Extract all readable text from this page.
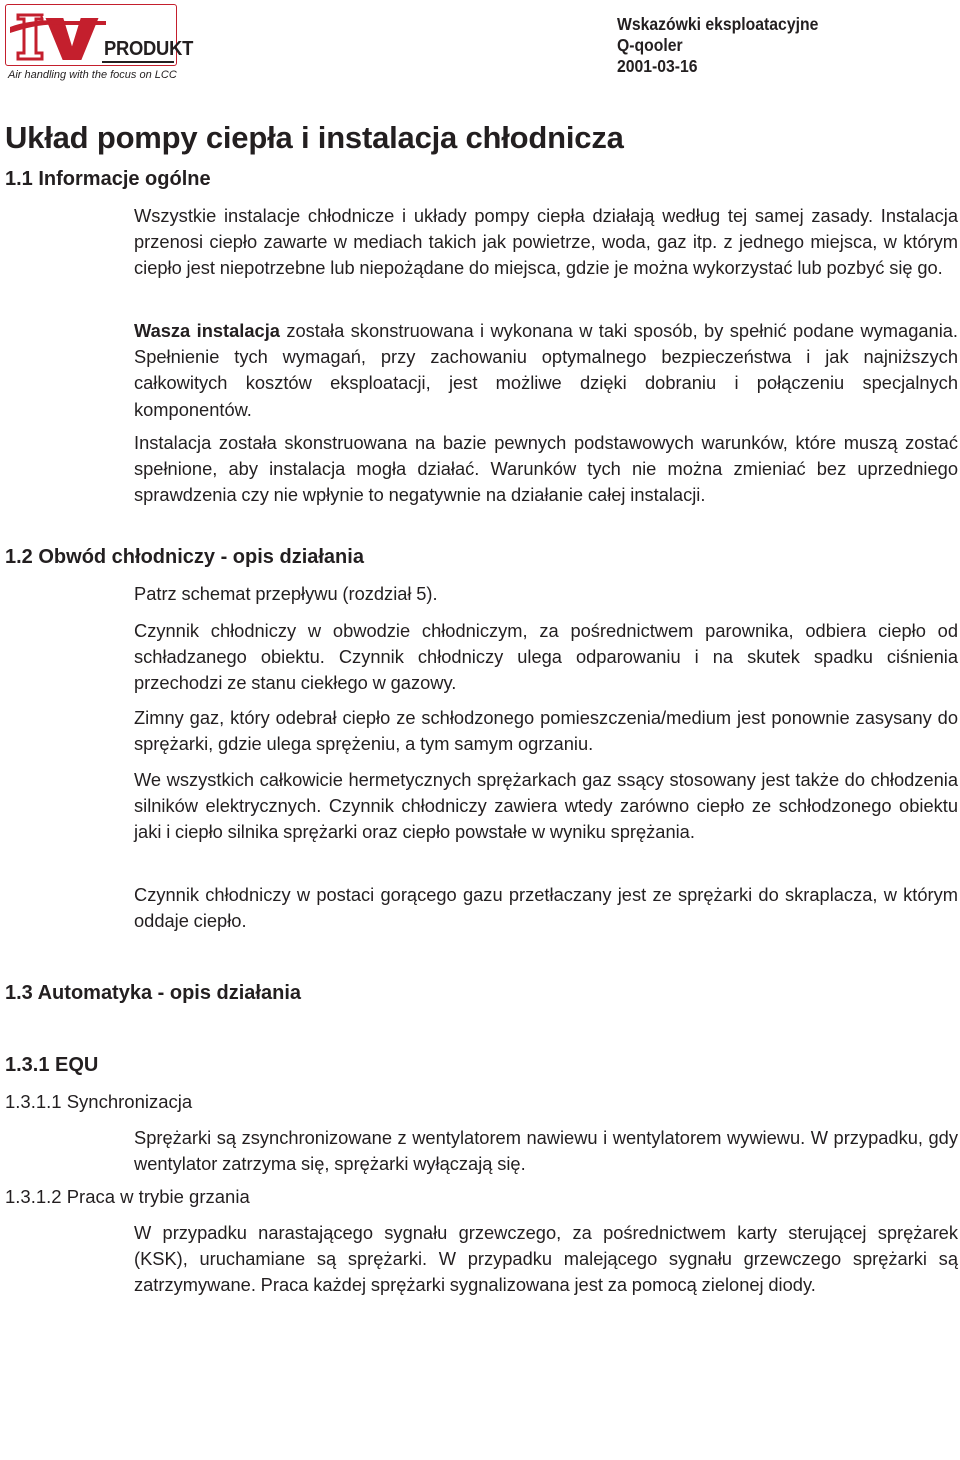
PRODUKT
Air handling with the focus on LCC
Wskazówki eksploatacyjne
Q-qooler
2001-03-16
Układ pompy ciepła i instalacja chłodnicza
1.1 Informacje ogólne
Wszystkie instalacje chłodnicze i układy pompy ciepła działają według tej samej zasady. Instalacja przenosi ciepło zawarte w mediach takich jak powietrze, woda, gaz itp. z jednego miejsca, w którym ciepło jest niepotrzebne lub niepożądane do miejsca, gdzie je można wykorzystać lub pozbyć się go.
Wasza instalacja została skonstruowana i wykonana w taki sposób, by spełnić podane wymagania. Spełnienie tych wymagań, przy zachowaniu optymalnego bezpieczeństwa i jak najniższych całkowitych kosztów eksploatacji, jest możliwe dzięki dobraniu i połączeniu specjalnych komponentów.
Instalacja została skonstruowana na bazie pewnych podstawowych warunków, które muszą zostać spełnione, aby instalacja mogła działać. Warunków tych nie można zmieniać bez uprzedniego sprawdzenia czy nie wpłynie to negatywnie na działanie całej instalacji.
1.2 Obwód chłodniczy - opis działania
Patrz schemat przepływu (rozdział 5).
Czynnik chłodniczy w obwodzie chłodniczym, za pośrednictwem parownika, odbiera ciepło od schładzanego obiektu. Czynnik chłodniczy ulega odparowaniu i na skutek spadku ciśnienia przechodzi ze stanu ciekłego w gazowy.
Zimny gaz, który odebrał ciepło ze schłodzonego pomieszczenia/medium jest ponownie zasysany do sprężarki, gdzie ulega sprężeniu, a tym samym ogrzaniu.
We wszystkich całkowicie hermetycznych sprężarkach gaz ssący stosowany jest także do chłodzenia silników elektrycznych. Czynnik chłodniczy zawiera wtedy zarówno ciepło ze schłodzonego obiektu jaki i ciepło silnika sprężarki oraz ciepło powstałe w wyniku sprężania.
Czynnik chłodniczy w postaci gorącego gazu przetłaczany jest ze sprężarki do skraplacza, w którym oddaje ciepło.
1.3 Automatyka - opis działania
1.3.1 EQU
1.3.1.1 Synchronizacja
Sprężarki są zsynchronizowane z wentylatorem nawiewu i wentylatorem wywiewu. W przypadku, gdy wentylator zatrzyma się, sprężarki wyłączają się.
1.3.1.2 Praca w trybie grzania
W przypadku narastającego sygnału grzewczego, za pośrednictwem karty sterującej sprężarek (KSK), uruchamiane są sprężarki. W przypadku malejącego sygnału grzewczego sprężarki są zatrzymywane. Praca każdej sprężarki sygnalizowana jest za pomocą zielonej diody.
